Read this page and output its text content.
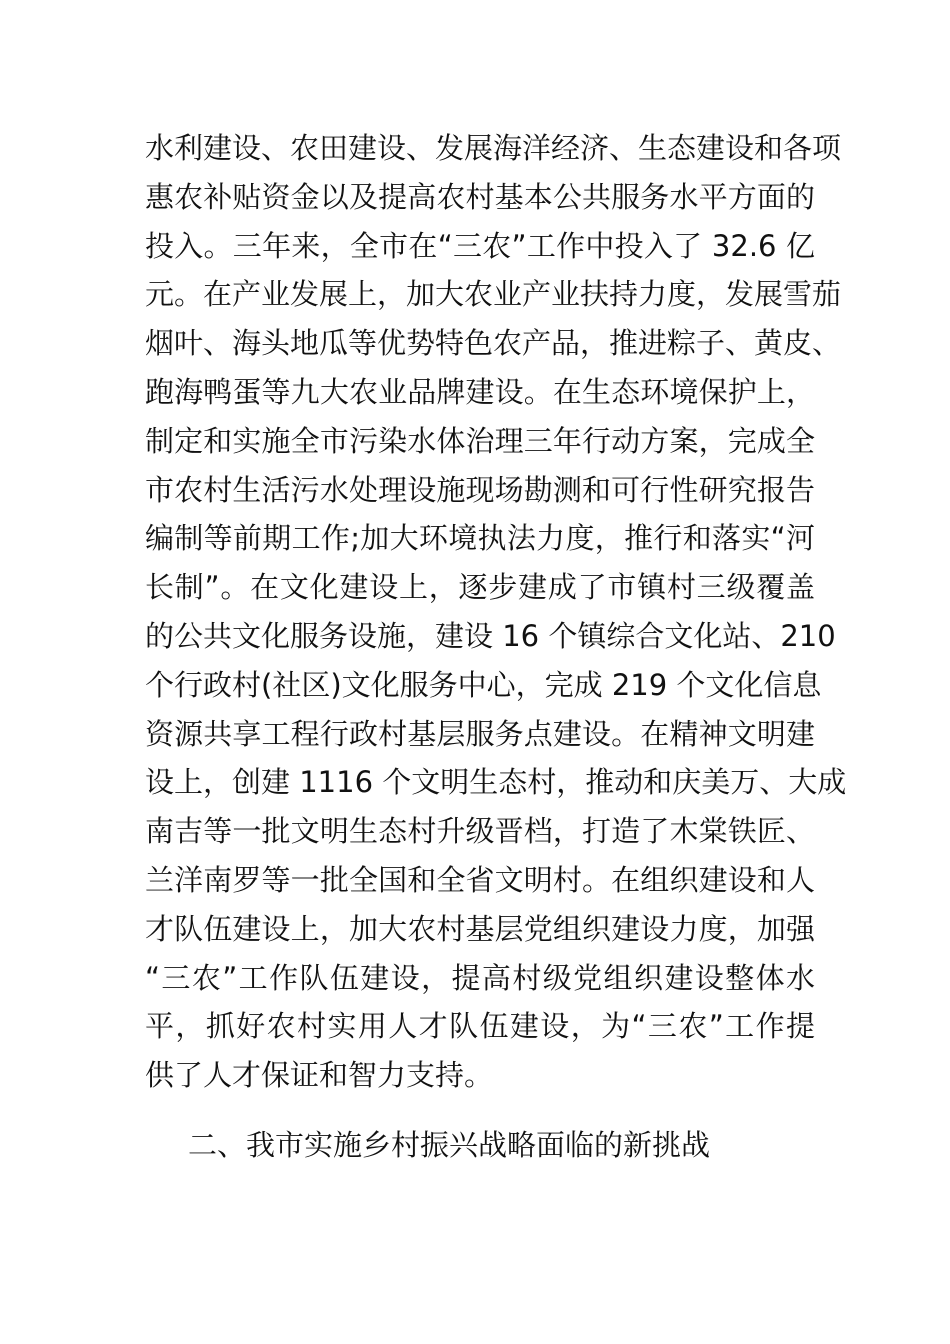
水利建设、农田建设、发展海洋经济、生态建设和各项
惠农补贴资金以及提高农村基本公共服务水平方面的
投入。三年来，全市在“三农”工作中投入了 32.6 亿
元。在产业发展上，加大农业产业扶持力度，发展雪茄
烟叶、海头地瓜等优势特色农产品，推进粽子、黄皮、
跑海鸭蛋等九大农业品牌建设。在生态环境保护上，
制定和实施全市污染水体治理三年行动方案，完成全
市农村生活污水处理设施现场勘测和可行性研究报告
编制等前期工作;加大环境执法力度，推行和落实“河
长制”。在文化建设上，逐步建成了市镇村三级覆盖
的公共文化服务设施，建设 16 个镇综合文化站、210
个行政村(社区)文化服务中心，完成 219 个文化信息
资源共享工程行政村基层服务点建设。在精神文明建
设上，创建 1116 个文明生态村，推动和庆美万、大成
南吉等一批文明生态村升级晋档，打造了木棠铁匠、
兰洋南罗等一批全国和全省文明村。在组织建设和人
才队伍建设上，加大农村基层党组织建设力度，加强
“三农”工作队伍建设，提高村级党组织建设整体水
平，抓好农村实用人才队伍建设，为“三农”工作提
供了人才保证和智力支持。
二、我市实施乡村振兴战略面临的新挑战
